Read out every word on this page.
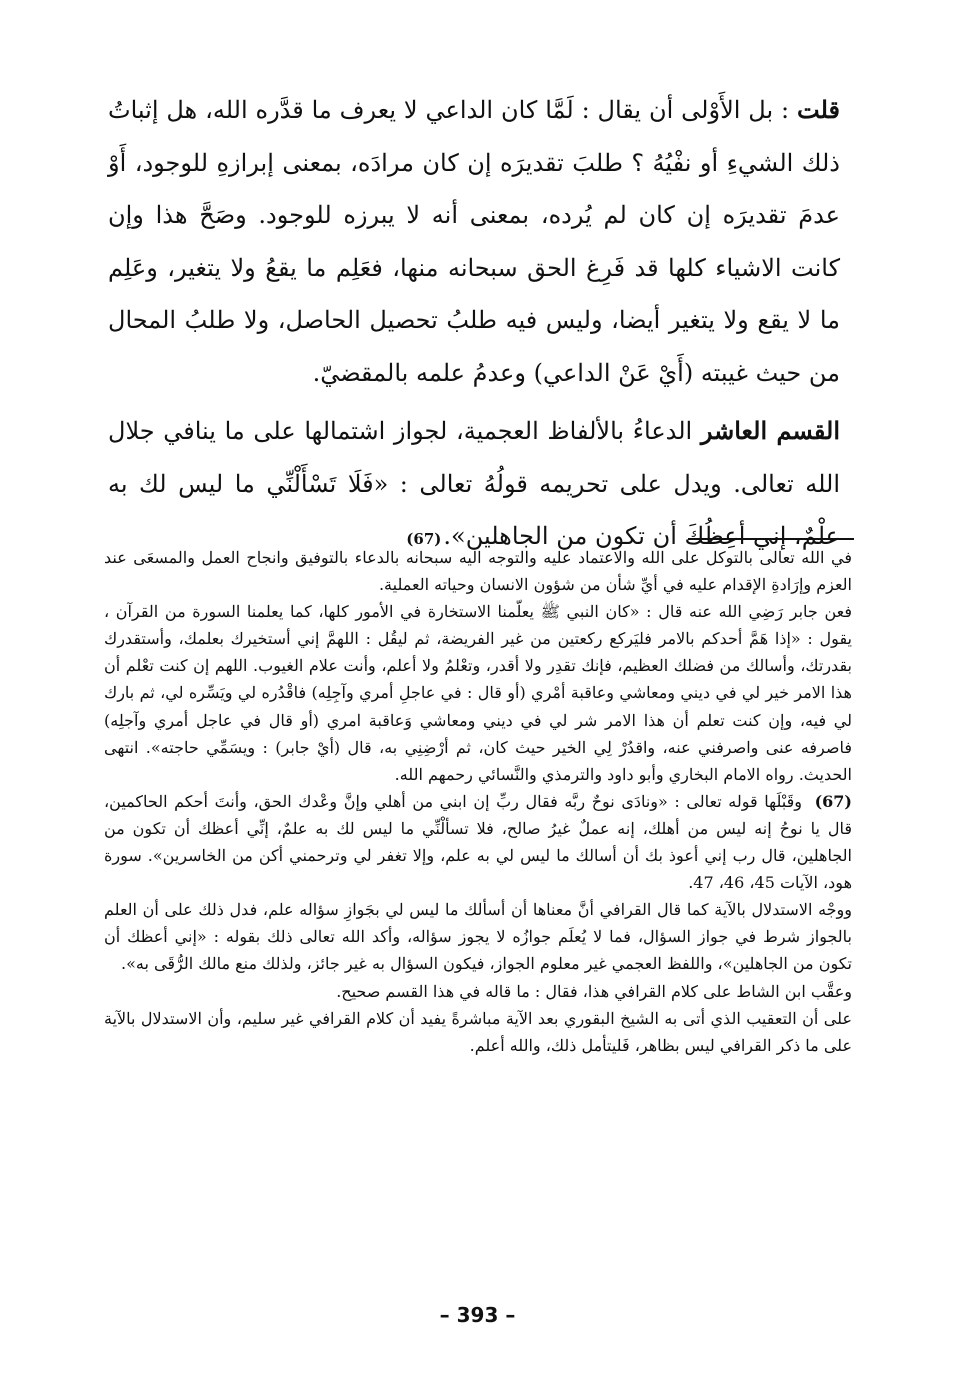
قلت : بل الأَوْلى أن يقال : لَمَّا كان الداعي لا يعرف ما قدَّره الله، هل إثباتُ ذلك الشيءِ أو نفْيُهُ ؟ طلبَ تقديرَه إن كان مرادَه، بمعنى إبرازهِ للوجود، أَوْ عدمَ تقديرَه إن كان لم يُرده، بمعنى أنه لا يبرزه للوجود. وصَحَّ هذا وإن كانت الاشياء كلها قد فَرِغ الحق سبحانه منها، فعَلِم ما يقعُ ولا يتغير، وعَلِم ما لا يقع ولا يتغير أيضا، وليس فيه طلبُ تحصيل الحاصل، ولا طلبُ المحال من حيث غيبته (أَيْ عَنْ الداعي) وعدمُ علمه بالمقضيّ.

القسم العاشر الدعاءُ بالألفاظ العجمية، لجواز اشتمالها على ما ينافي جلال الله تعالى. ويدل على تحريمه قولُهُ تعالى : «فَلَا تَسْأَلْنِّي ما ليس لك به علْمٌ، إني أعِظُكَ أن تكون من الجاهلين».(67)

في الله تعالى بالتوكل على الله والاعتماد عليه والتوجه اليه سبحانه بالدعاء بالتوفيق وانجاح العمل والمسعَى عند العزم وإرَادةِ الإقدام عليه في أيِّ شأن من شؤون الانسان وحياته العملية.

فعن جابر رَضِي الله عنه قال : «كان النبي ﷺ يعلّمنا الاستخارة في الأمور كلها، كما يعلمنا السورة من القرآن ، يقول : «إذا هَمَّ أحدكم بالامر فليَركع ركعتين من غير الفريضة، ثم ليقُل : اللهمَّ إني أستخيرك بعلمك، وأستقدرك بقدرتك، وأسالك من فضلك العظيم، فإنك تقدِر ولا أقدر، وتعْلمُ ولا أعلم، وأنت علام الغيوب. اللهم إن كنت تعْلم أن هذا الامر خير لي في ديني ومعاشي وعاقبة أمْري (أو قال : في عاجلِ أمري وآجِلِه) فاقْدُره لي ويَسِّره لي، ثم بارك لي فيه، وإن كنت تعلم أن هذا الامر شر لي في ديني ومعاشي وَعاقبة امري (أو قال في عاجل أمري وآجلِه) فاصرفه عنى واصرفني عنه، واقدُرْ لِي الخير حيث كان، ثم أرْضِنِي به، قال (أيْ جابر) : ويسَمِّي حاجته». انتهى الحديث. رواه الامام البخاري وأبو داود والترمذي والنَّسائي رحمهم الله.

(67) وقَبْلَها قوله تعالى : «ونادَى نوحٌ ربَّه فقال ربِّ إن ابني من أهلي وإنَّ وعْدك الحق، وأنتَ أحكم الحاكمين، قال يا نوحُ إنه ليس من أهلك، إنه عملٌ غيرُ صالح، فلا تسألْنِّي ما ليس لك به علمٌ، إنِّي أعظك أن تكون من الجاهلين، قال رب إني أعوذ بك أن أسالك ما ليس لي به علم، وإلا تغفر لي وترحمني أكن من الخاسرين». سورة هود، الآيات 45، 46، 47.

ووجْه الاستدلال بالآية كما قال القرافي أنَّ معناها أن أسألك ما ليس لي بجَوازِ سؤاله علم، فدل ذلك على أن العلم بالجواز شرط في جواز السؤال، فما لا يُعلَم جوازُه لا يجوز سؤاله، وأكد الله تعالى ذلك بقوله : «إني أعظك أن تكون من الجاهلين»، واللفظ العجمي غير معلوم الجواز، فيكون السؤال به غير جائز، ولذلك منع مالك الرُّقَى به».

وعقَّب ابن الشاط على كلام القرافي هذا، فقال : ما قاله في هذا القسم صحيح.

على أن التعقيب الذي أتى به الشيخ البقوري بعد الآية مباشرةً يفيد أن كلام القرافي غير سليم، وأن الاستدلال بالآية على ما ذكر القرافي ليس بظاهر، فَليتأمل ذلك، والله أعلم.

– 393 –
